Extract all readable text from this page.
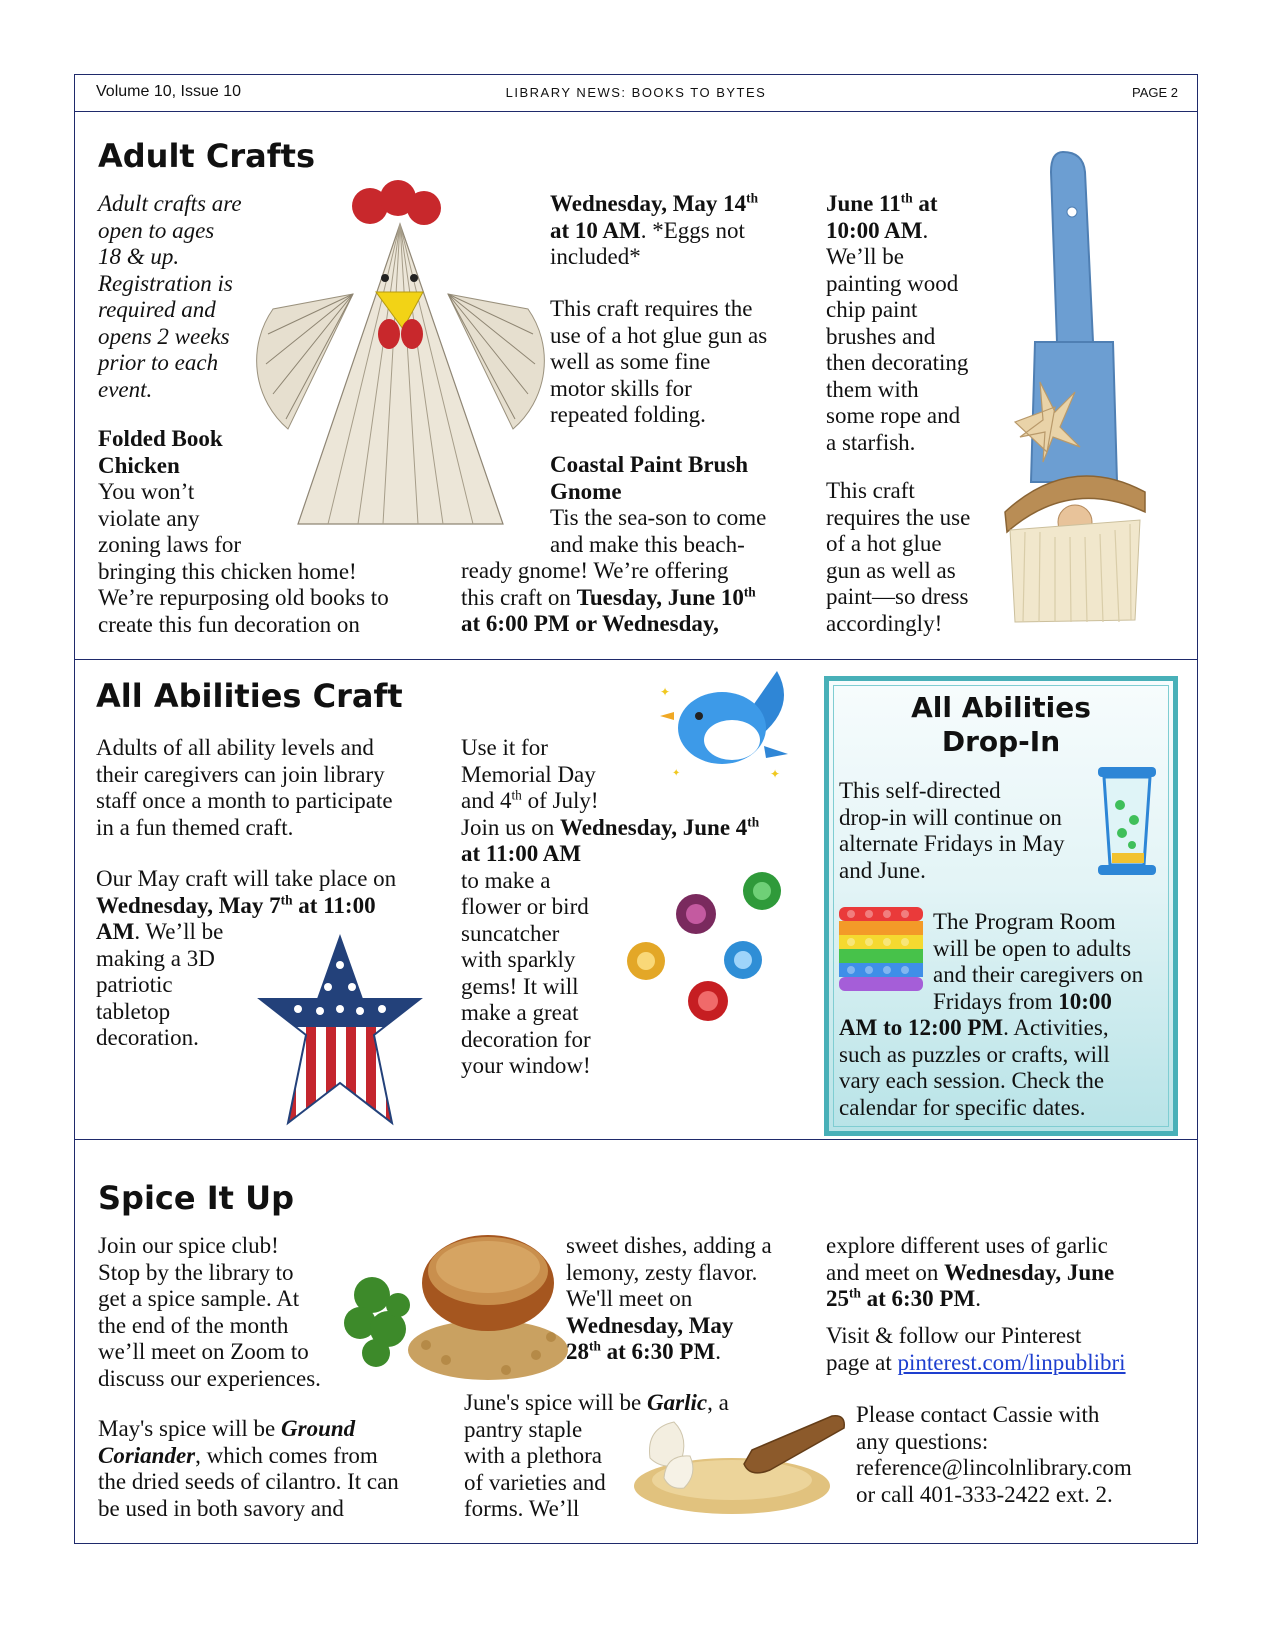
Volume 10, Issue 10	LIBRARY NEWS: BOOKS TO BYTES	PAGE 2
Adult Crafts

Adult crafts are

open to ages

18 & up.

Registration is

required and

opens 2 weeks

prior to each

event.

Folded Book

Chicken

You won’t

violate any

zoning laws for

bringing this chicken home!

We’re repurposing old books to

create this fun decoration on

Wednesday, May 14th

at 10 AM. *Eggs not

included*

This craft requires the

use of a hot glue gun as

well as some fine

motor skills for

repeated folding.

Coastal Paint Brush

Gnome

Tis the sea-son to come

and make this beach-

ready gnome! We’re offering

this craft on Tuesday, June 10th

at 6:00 PM or Wednesday,

June 11th at

10:00 AM.

We’ll be

painting wood

chip paint

brushes and

then decorating

them with

some rope and

a starfish.

This craft

requires the use

of a hot glue

gun as well as

paint—so dress

accordingly!

All Abilities Craft

Adults of all ability levels and

their caregivers can join library

staff once a month to participate

in a fun themed craft.

Our May craft will take place on

Wednesday, May 7th at 11:00

AM. We’ll be

making a 3D

patriotic

tabletop

decoration.

Use it for

Memorial Day

and 4th of July!

Join us on Wednesday, June 4th

at 11:00 AM

to make a

flower or bird

suncatcher

with sparkly

gems! It will

make a great

decoration for

your window!

✦
✦
✦
All Abilities
Drop-In

This self-directed

drop-in will continue on

alternate Fridays in May

and June.

The Program Room

will be open to adults

and their caregivers on

Fridays from 10:00

AM to 12:00 PM. Activities,

such as puzzles or crafts, will

vary each session. Check the

calendar for specific dates.

Spice It Up

Join our spice club!

Stop by the library to

get a spice sample. At

the end of the month

we’ll meet on Zoom to

discuss our experiences.

May's spice will be Ground

Coriander, which comes from

the dried seeds of cilantro. It can

be used in both savory and

sweet dishes, adding a

lemony, zesty flavor.

We'll meet on

Wednesday, May

28th at 6:30 PM.

June's spice will be Garlic, a

pantry staple

with a plethora

of varieties and

forms. We’ll

explore different uses of garlic

and meet on Wednesday, June

25th at 6:30 PM.

Visit & follow our Pinterest

page at pinterest.com/linpublibri

Please contact Cassie with

any questions:

reference@lincolnlibrary.com

or call 401-333-2422 ext. 2.
